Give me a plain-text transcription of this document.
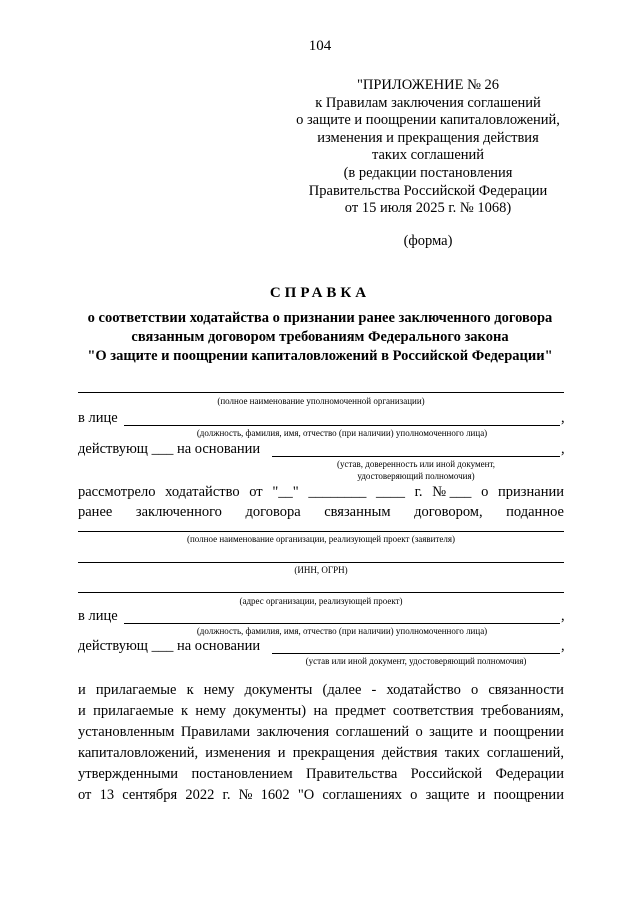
104
"ПРИЛОЖЕНИЕ № 26
к Правилам заключения соглашений
о защите и поощрении капиталовложений,
изменения и прекращения действия
таких соглашений
(в редакции постановления
Правительства Российской Федерации
от 15 июля 2025 г. № 1068)
(форма)
СПРАВКА
о соответствии ходатайства о признании ранее заключенного договора
связанным договором требованиям Федерального закона
"О защите и поощрении капиталовложений в Российской Федерации"
(полное наименование уполномоченной организации)
в лице	,
(должность, фамилия, имя, отчество (при наличии) уполномоченного лица)
действующ ___ на основании	,
(устав, доверенность или иной документ,
удостоверяющий полномочия)
рассмотрело ходатайство от "__" ________ ____ г. № ___ о признании
ранее заключенного договора связанным договором, поданное
(полное наименование организации, реализующей проект (заявителя)
(ИНН, ОГРН)
(адрес организации, реализующей проект)
в лице	,
(должность, фамилия, имя, отчество (при наличии) уполномоченного лица)
действующ ___ на основании	,
(устав или иной документ, удостоверяющий полномочия)
и прилагаемые к нему документы (далее - ходатайство о связанности
и прилагаемые к нему документы) на предмет соответствия требованиям,
установленным Правилами заключения соглашений о защите и поощрении
капиталовложений, изменения и прекращения действия таких соглашений,
утвержденными постановлением Правительства Российской Федерации
от 13 сентября 2022 г. № 1602 "О соглашениях о защите и поощрении
